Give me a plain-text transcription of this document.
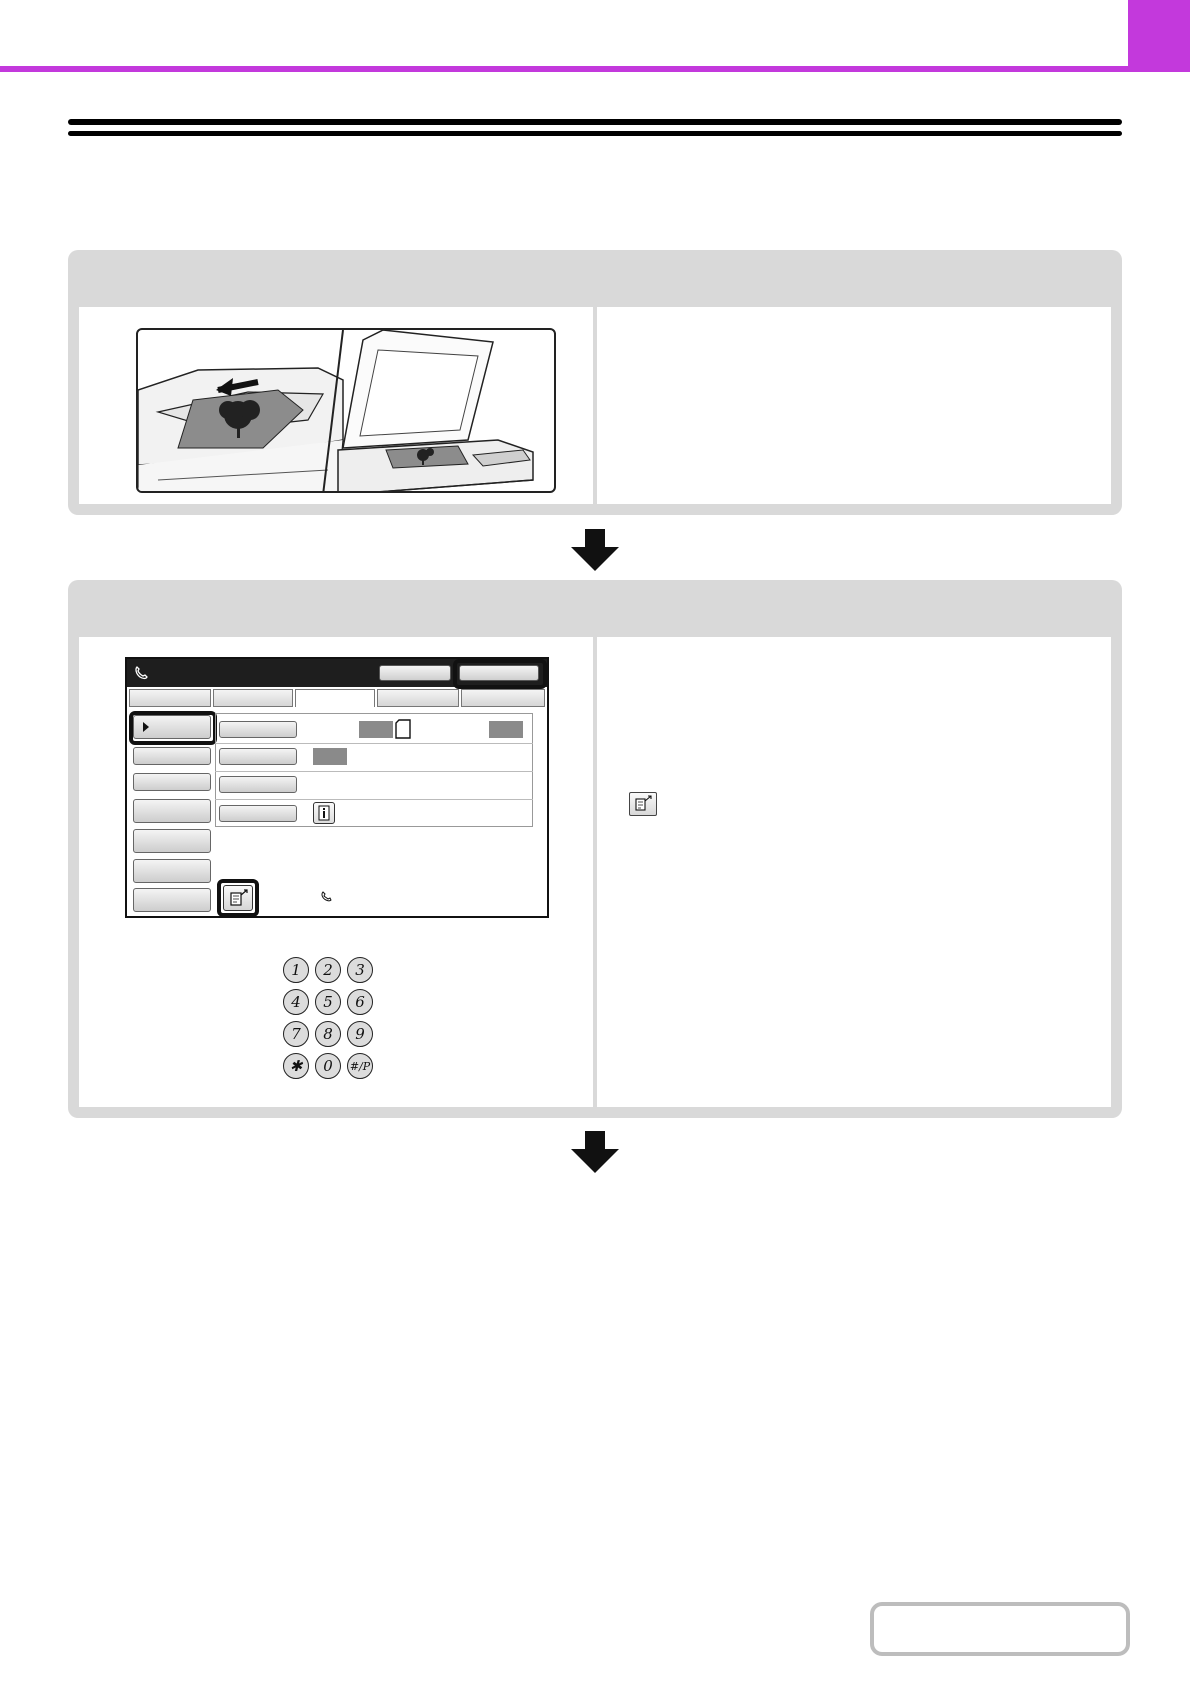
1	2	3
4	5	6
7	8	9
✱	0	#/P
